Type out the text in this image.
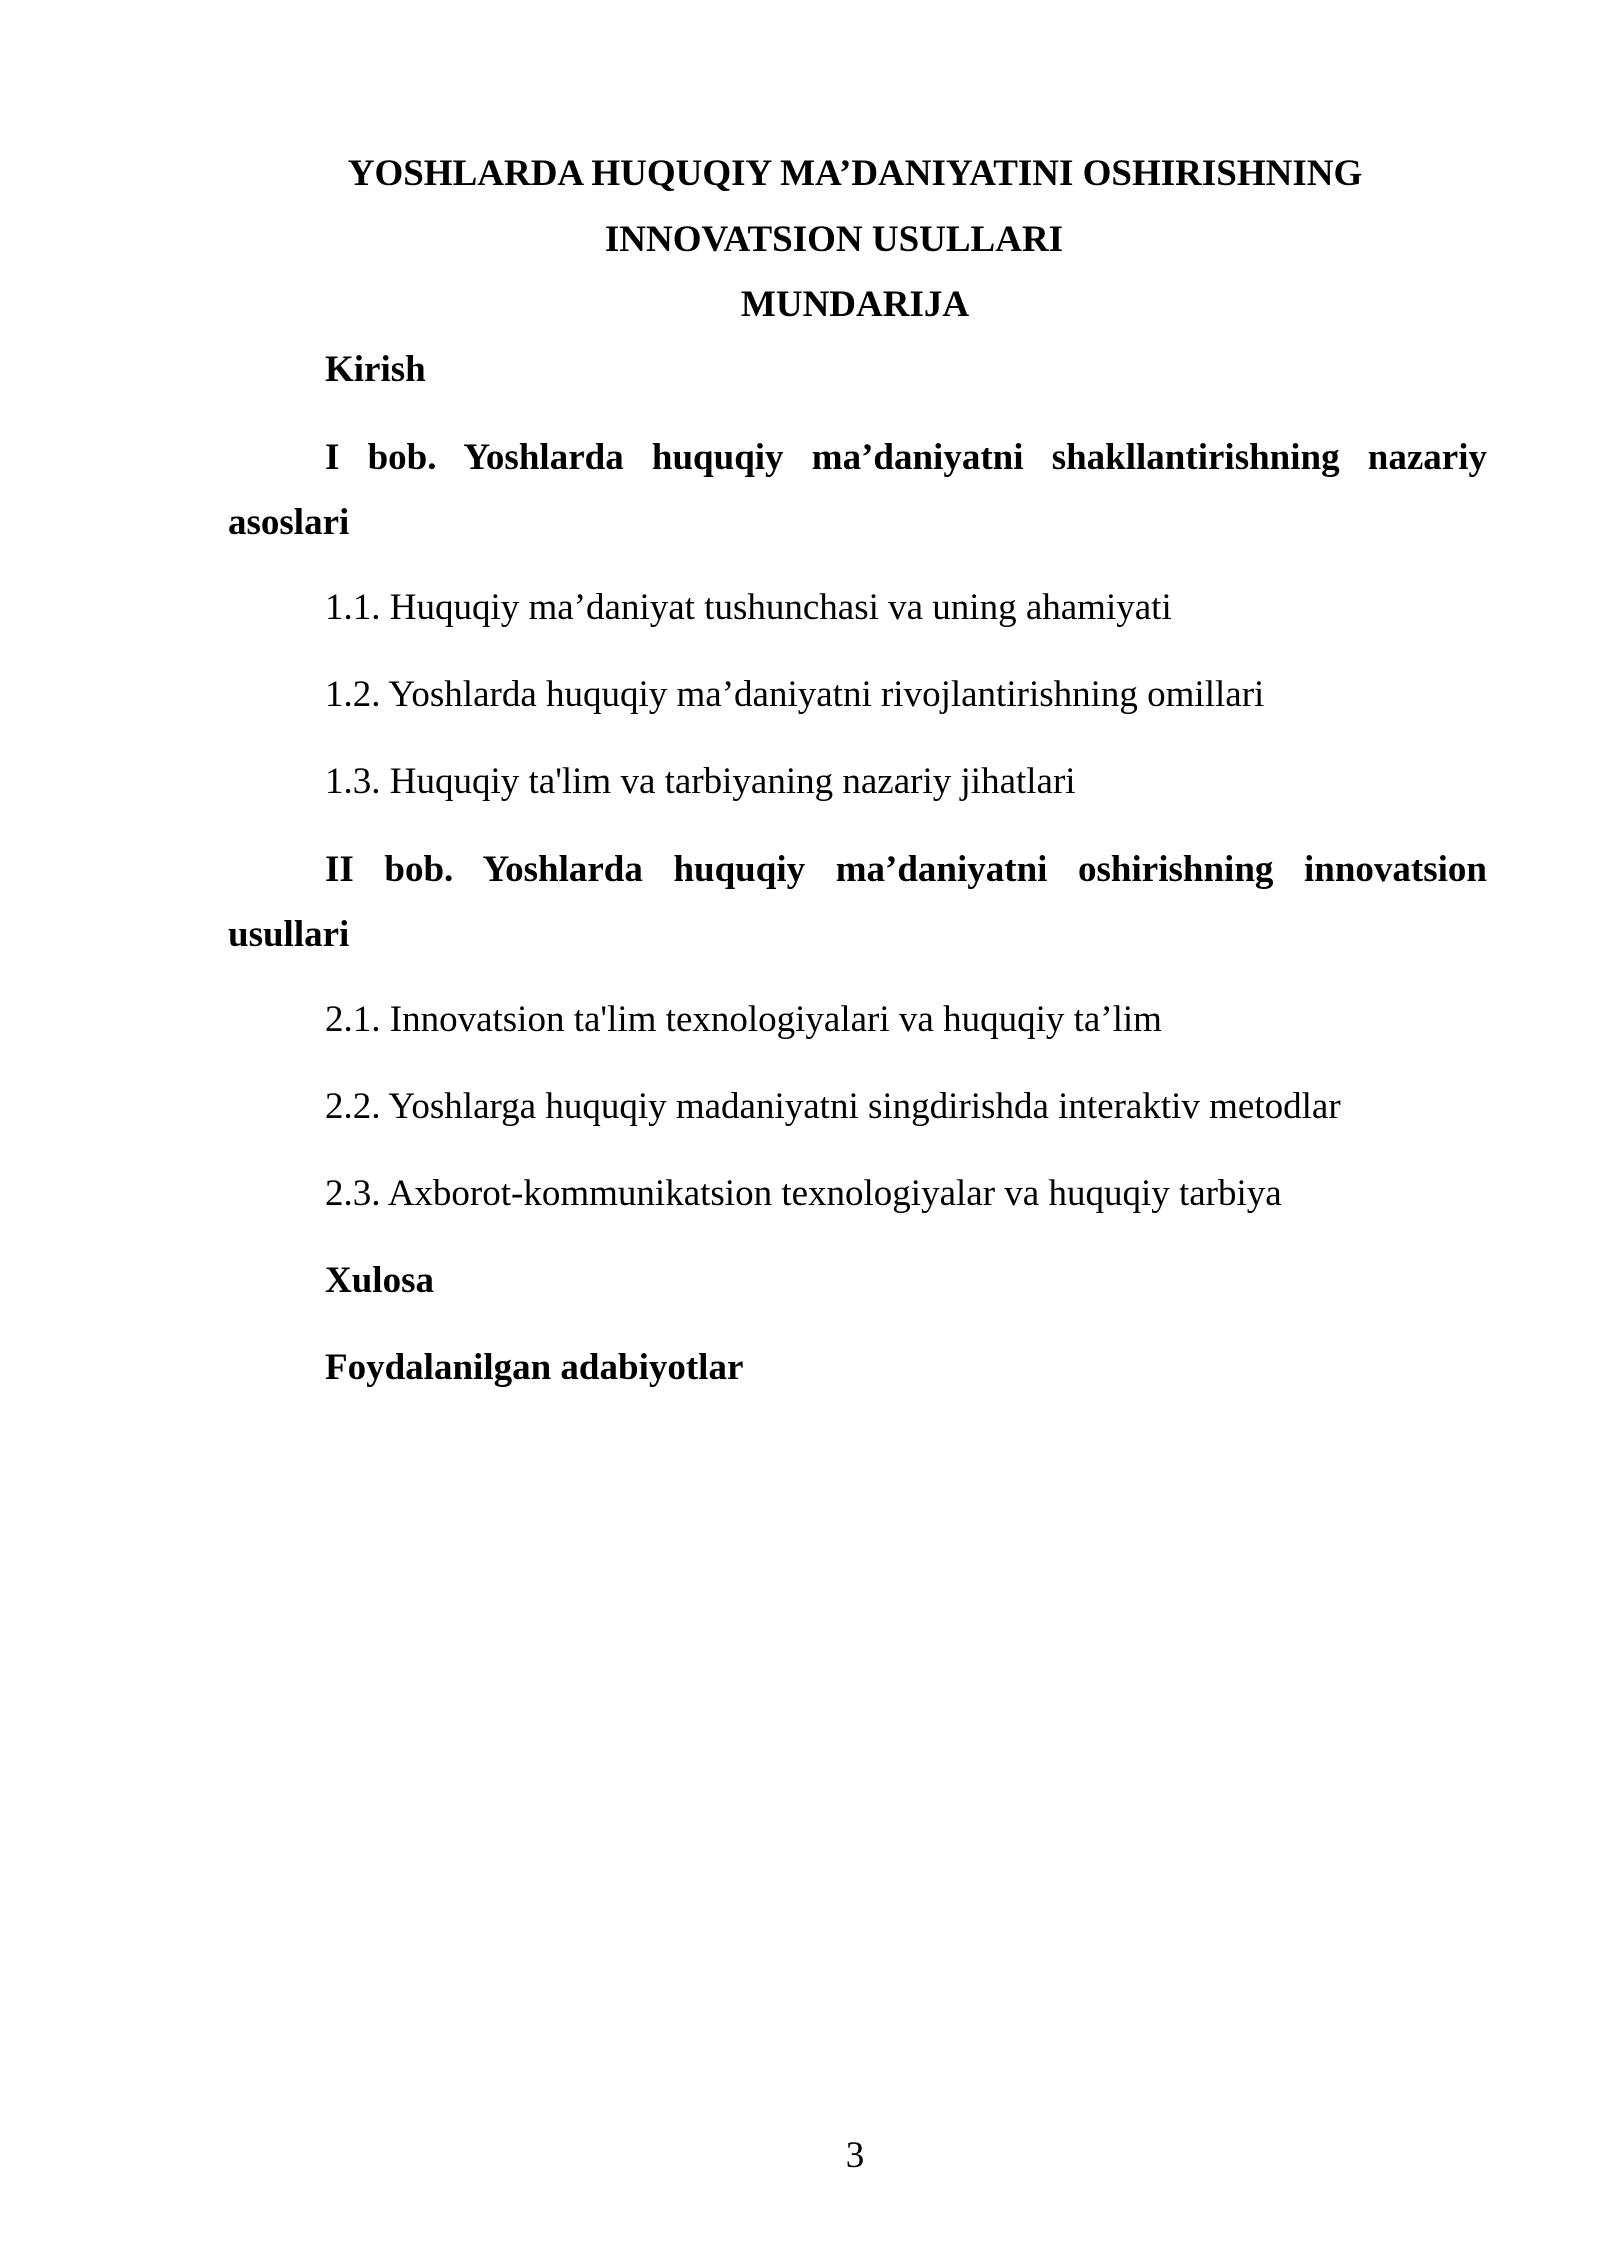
YOSHLARDA HUQUQIY MA’DANIYATINI OSHIRISHNING
INNOVATSION USULLARI
MUNDARIJA
Kirish
I bob. Yoshlarda huquqiy ma’daniyatni shakllantirishning nazariy
asoslari
1.1. Huquqiy ma’daniyat tushunchasi va uning ahamiyati
1.2. Yoshlarda huquqiy ma’daniyatni rivojlantirishning omillari
1.3. Huquqiy ta'lim va tarbiyaning nazariy jihatlari
II bob. Yoshlarda huquqiy ma’daniyatni oshirishning innovatsion
usullari
2.1. Innovatsion ta'lim texnologiyalari va huquqiy ta’lim
2.2. Yoshlarga huquqiy madaniyatni singdirishda interaktiv metodlar
2.3. Axborot-kommunikatsion texnologiyalar va huquqiy tarbiya
Xulosa
Foydalanilgan adabiyotlar
3
